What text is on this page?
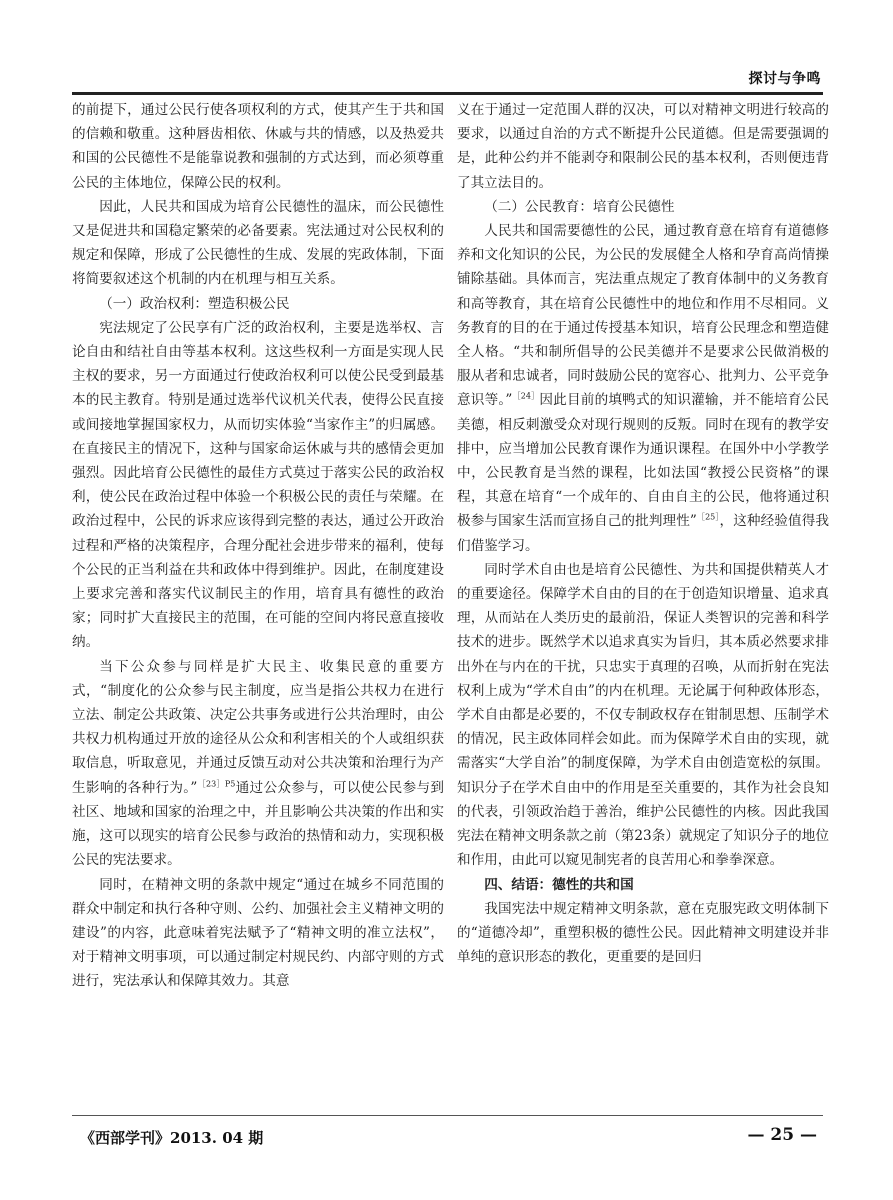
探讨与争鸣

的前提下，通过公民行使各项权利的方式，使其产生于共和国的信赖和敬重。这种唇齿相依、休戚与共的情感，以及热爱共和国的公民德性不是能靠说教和强制的方式达到，而必须尊重公民的主体地位，保障公民的权利。

因此，人民共和国成为培育公民德性的温床，而公民德性又是促进共和国稳定繁荣的必备要素。宪法通过对公民权利的规定和保障，形成了公民德性的生成、发展的宪政体制，下面将简要叙述这个机制的内在机理与相互关系。

（一）政治权利：塑造积极公民

宪法规定了公民享有广泛的政治权利，主要是选举权、言论自由和结社自由等基本权利。这这些权利一方面是实现人民主权的要求，另一方面通过行使政治权利可以使公民受到最基本的民主教育。特别是通过选举代议机关代表，使得公民直接或间接地掌握国家权力，从而切实体验“当家作主”的归属感。在直接民主的情况下，这种与国家命运休戚与共的感情会更加强烈。因此培育公民德性的最佳方式莫过于落实公民的政治权利，使公民在政治过程中体验一个积极公民的责任与荣耀。在政治过程中，公民的诉求应该得到完整的表达，通过公开政治过程和严格的决策程序，合理分配社会进步带来的福利，使每个公民的正当利益在共和政体中得到维护。因此，在制度建设上要求完善和落实代议制民主的作用，培育具有德性的政治家；同时扩大直接民主的范围，在可能的空间内将民意直接收纳。

当下公众参与同样是扩大民主、收集民意的重要方式，“制度化的公众参与民主制度，应当是指公共权力在进行立法、制定公共政策、决定公共事务或进行公共治理时，由公共权力机构通过开放的途径从公众和利害相关的个人或组织获取信息，听取意见，并通过反馈互动对公共决策和治理行为产生影响的各种行为。”$^{[23]P5}$通过公众参与，可以使公民参与到社区、地域和国家的治理之中，并且影响公共决策的作出和实施，这可以现实的培育公民参与政治的热情和动力，实现积极公民的宪法要求。

同时，在精神文明的条款中规定“通过在城乡不同范围的群众中制定和执行各种守则、公约、加强社会主义精神文明的建设”的内容，此意味着宪法赋予了“精神文明的准立法权”，对于精神文明事项，可以通过制定村规民约、内部守则的方式进行，宪法承认和保障其效力。其意

义在于通过一定范围人群的汉决，可以对精神文明进行较高的要求，以通过自治的方式不断提升公民道德。但是需要强调的是，此种公约并不能剥夺和限制公民的基本权利，否则便违背了其立法目的。

（二）公民教育：培育公民德性

人民共和国需要德性的公民，通过教育意在培育有道德修养和文化知识的公民，为公民的发展健全人格和孕育高尚情操铺除基础。具体而言，宪法重点规定了教育体制中的义务教育和高等教育，其在培育公民德性中的地位和作用不尽相同。义务教育的目的在于通过传授基本知识，培育公民理念和塑造健全人格。“共和制所倡导的公民美德并不是要求公民做消极的服从者和忠诚者，同时鼓励公民的宽容心、批判力、公平竞争意识等。”$^{[24]}$因此目前的填鸭式的知识灌输，并不能培育公民美德，相反刺激受众对现行规则的反叛。同时在现有的教学安排中，应当增加公民教育课作为通识课程。在国外中小学教学中，公民教育是当然的课程，比如法国“教授公民资格”的课程，其意在培育“一个成年的、自由自主的公民，他将通过积极参与国家生活而宣扬自己的批判理性”$^{[25]}$，这种经验值得我们借鉴学习。

同时学术自由也是培育公民德性、为共和国提供精英人才的重要途径。保障学术自由的目的在于创造知识增量、追求真理，从而站在人类历史的最前沿，保证人类智识的完善和科学技术的进步。既然学术以追求真实为旨归，其本质必然要求排出外在与内在的干扰，只忠实于真理的召唤，从而折射在宪法权利上成为“学术自由”的内在机理。无论属于何种政体形态，学术自由都是必要的，不仅专制政权存在钳制思想、压制学术的情况，民主政体同样会如此。而为保障学术自由的实现，就需落实“大学自治”的制度保障，为学术自由创造宽松的氛围。知识分子在学术自由中的作用是至关重要的，其作为社会良知的代表，引领政治趋于善治，维护公民德性的内核。因此我国宪法在精神文明条款之前（第23条）就规定了知识分子的地位和作用，由此可以窥见制宪者的良苦用心和拳拳深意。

四、结语：德性的共和国

我国宪法中规定精神文明条款，意在克服宪政文明体制下的“道德冷却”，重塑积极的德性公民。因此精神文明建设并非单纯的意识形态的教化，更重要的是回归

《西部学刊》2013. 04 期	— 25 —
